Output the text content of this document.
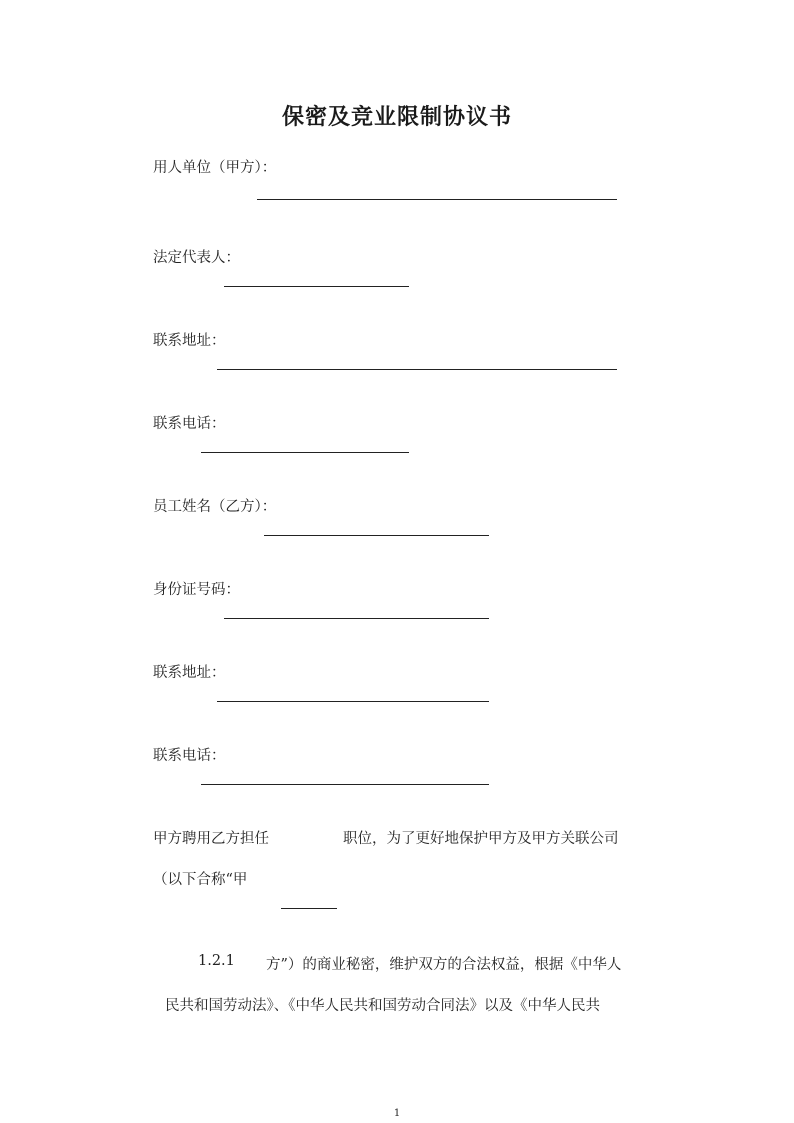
保密及竞业限制协议书
用人单位（甲方）：
法定代表人：
联系地址：
联系电话：
员工姓名（乙方）：
身份证号码：
联系地址：
联系电话：
甲方聘用乙方担任	职位，为了更好地保护甲方及甲方关联公司
（以下合称“甲
1.2.1 方”）的商业秘密，维护双方的合法权益，根据《中华人
民共和国劳动法》、《中华人民共和国劳动合同法》以及《中华人民共
1
